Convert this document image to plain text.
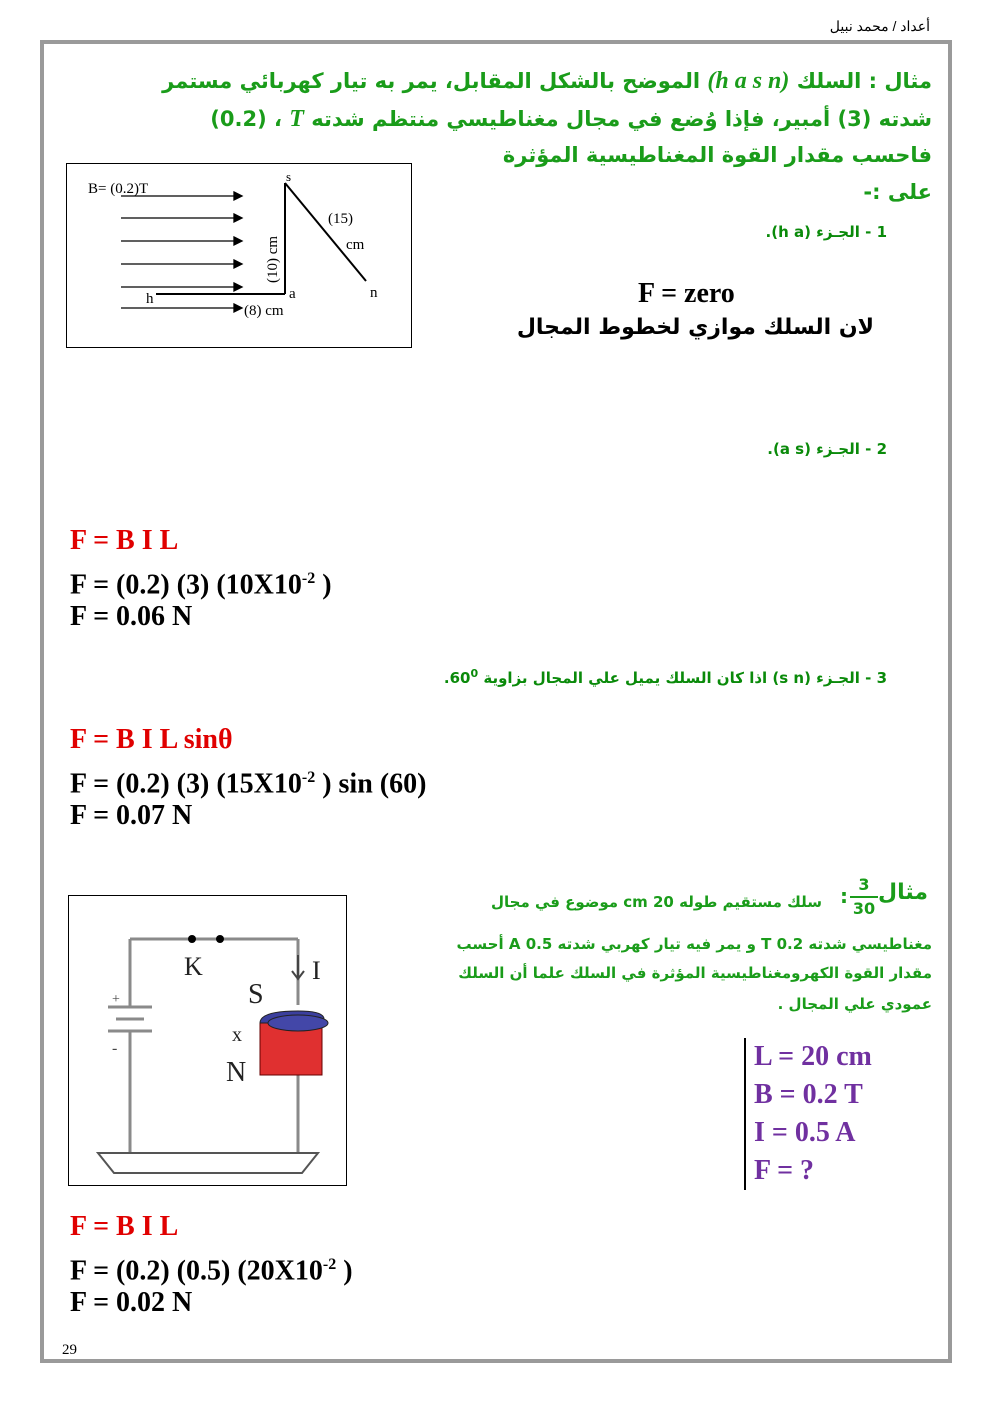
أعداد / محمد نبيل
مثال : السلك (h a s n) الموضح بالشكل المقابل، يمر به تيار كهربائي مستمر
شدته (3) أمبير، فإذا وُضع في مجال مغناطيسي منتظم شدته T (0.2) ،
فاحسب مقدار القوة المغناطيسية المؤثرة
على :-
B= (0.2)T
h	a
s
n
(8) cm
(10) cm
(15)
cm
1 - الجـزء (h a).
F = zero
لان السلك موازي لخطوط المجال
2 - الجـزء (a s).
F = B I L
F = (0.2) (3) ($10X10^{-2}$ )
F = 0.06 N
3 - الجـزء (s n) اذا كان السلك يميل علي المجال بزاوية $60^0$.
F = B I L sinθ
F = (0.2) (3) ($15X10^{-2}$ ) sin (60)
F = 0.07 N
مثال
$\frac{3}{30}$
:
سلك مستقيم طوله 20 cm موضوع في مجال
مغناطيسي شدته 0.2 T و يمر فيه تيار كهربي شدته 0.5 A أحسب
مقدار القوة الكهرومغناطيسية المؤثرة في السلك علما أن السلك
عمودي علي المجال .
L = 20 cm
B = 0.2 T
I = 0.5 A
F = ?
+
-
K	I
S
x
N
F = B I L
F = (0.2) (0.5) ($20X10^{-2}$ )
F = 0.02 N
29
